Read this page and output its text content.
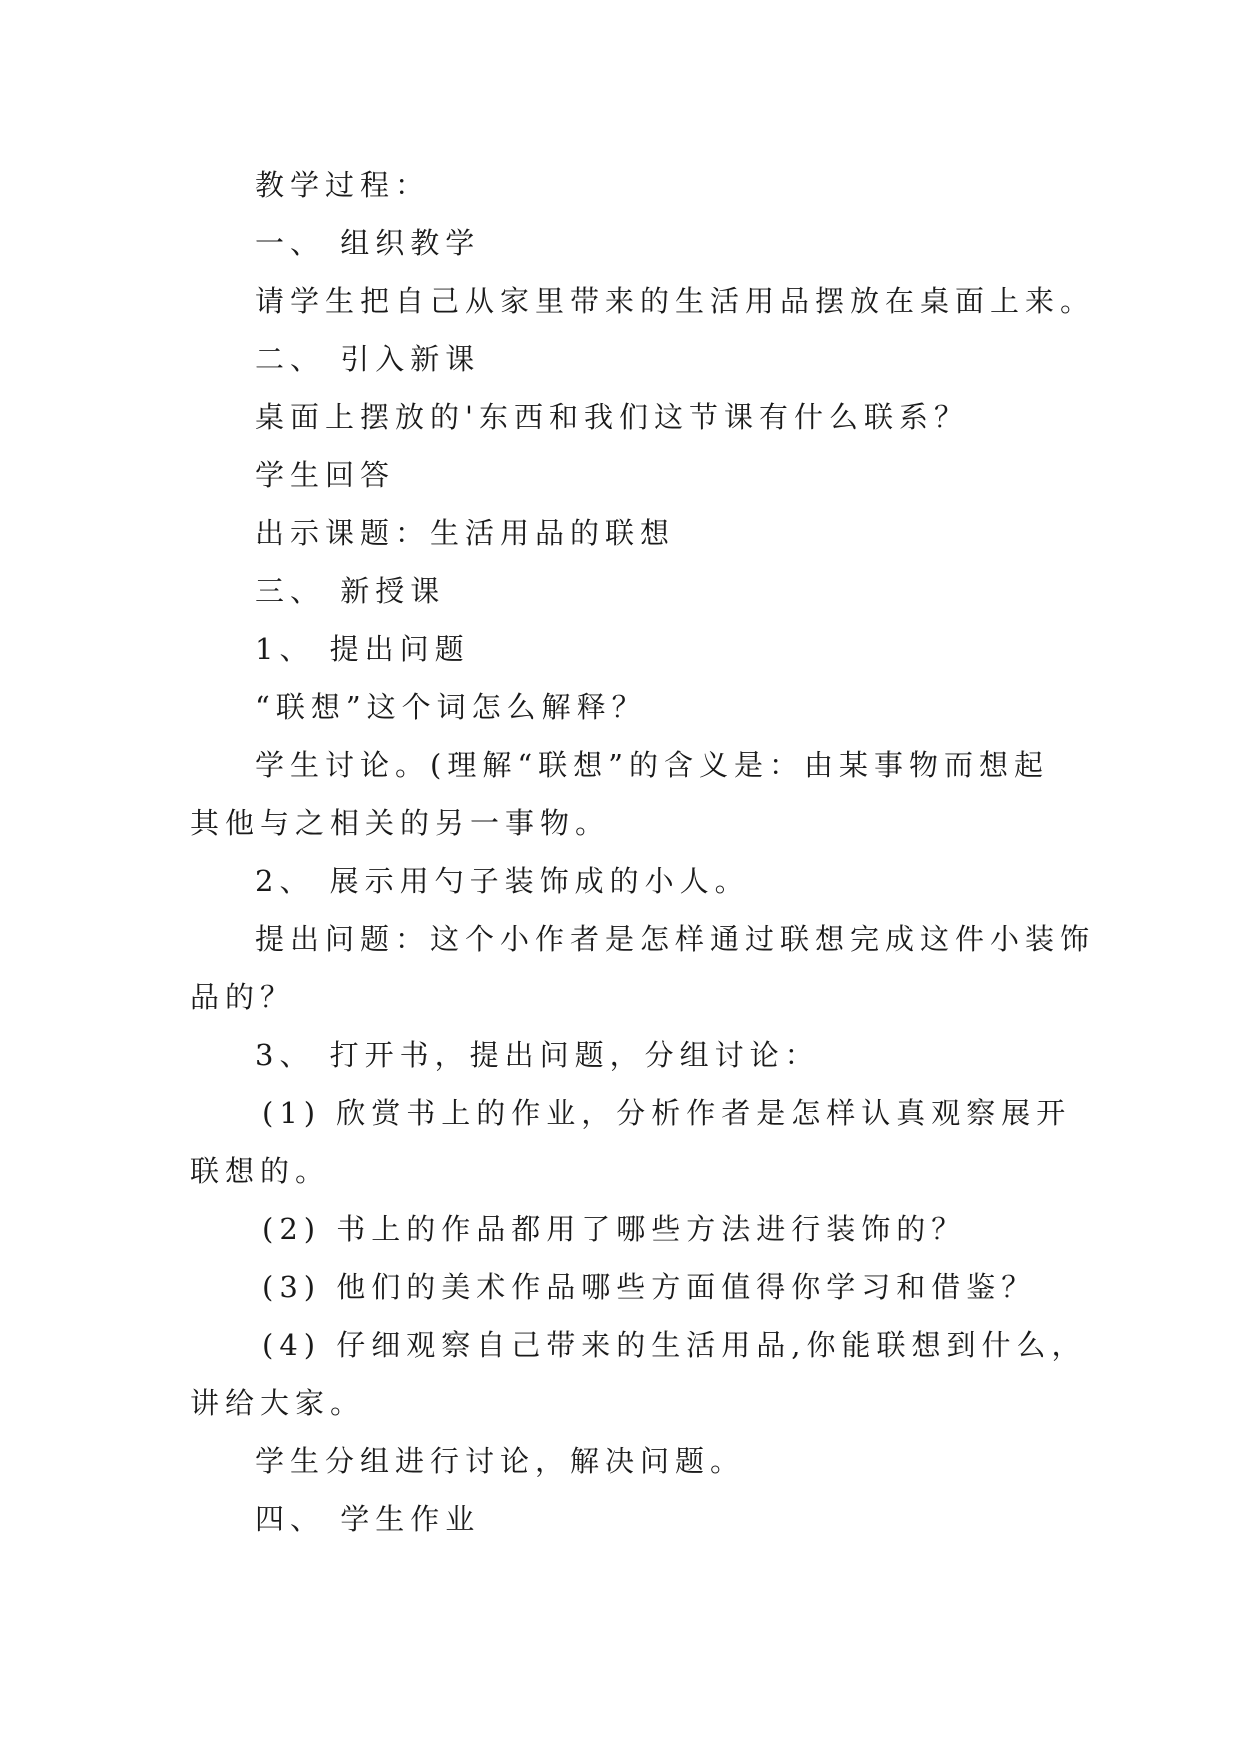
教学过程：
一、 组织教学
请学生把自己从家里带来的生活用品摆放在桌面上来。
二、 引入新课
桌面上摆放的'东西和我们这节课有什么联系？
学生回答
出示课题：生活用品的联想
三、 新授课
1、 提出问题
“联想”这个词怎么解释？
学生讨论。(理解“联想”的含义是：由某事物而想起
其他与之相关的另一事物。
2、 展示用勺子装饰成的小人。
提出问题：这个小作者是怎样通过联想完成这件小装饰
品的？
3、 打开书，提出问题，分组讨论：
(1) 欣赏书上的作业，分析作者是怎样认真观察展开
联想的。
(2) 书上的作品都用了哪些方法进行装饰的？
(3) 他们的美术作品哪些方面值得你学习和借鉴？
(4) 仔细观察自己带来的生活用品,你能联想到什么，
讲给大家。
学生分组进行讨论，解决问题。
四、 学生作业
